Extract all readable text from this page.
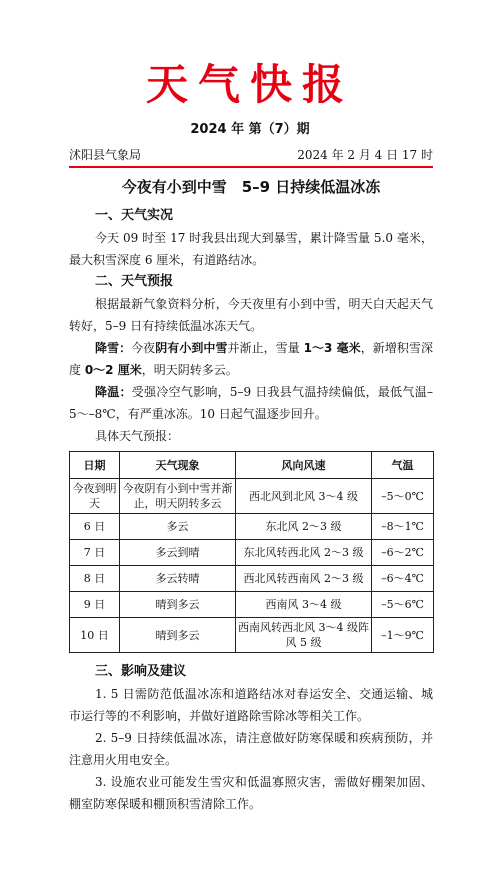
天气快报
2024 年 第（7）期
沭阳县气象局	2024 年 2 月 4 日 17 时
今夜有小到中雪　5–9 日持续低温冰冻
一、天气实况

今天 09 时至 17 时我县出现大到暴雪，累计降雪量 5.0 毫米，最大积雪深度 6 厘米，有道路结冰。

二、天气预报

根据最新气象资料分析，今天夜里有小到中雪，明天白天起天气转好，5–9 日有持续低温冰冻天气。

降雪：今夜阴有小到中雪并渐止，雪量 1～3 毫米，新增积雪深度 0～2 厘米，明天阴转多云。

降温：受强冷空气影响，5–9 日我县气温持续偏低，最低气温–5～–8℃，有严重冰冻。10 日起气温逐步回升。

具体天气预报：
日期	天气现象	风向风速	气温
今夜到明天	今夜阴有小到中雪并渐止，明天阴转多云	西北风到北风 3～4 级	–5～0℃
6 日	多云	东北风 2～3 级	–8～1℃
7 日	多云到晴	东北风转西北风 2～3 级	–6～2℃
8 日	多云转晴	西北风转西南风 2～3 级	–6～4℃
9 日	晴到多云	西南风 3～4 级	–5～6℃
10 日	晴到多云	西南风转西北风 3～4 级阵风 5 级	–1～9℃
三、影响及建议

1. 5 日需防范低温冰冻和道路结冰对春运安全、交通运输、城市运行等的不利影响，并做好道路除雪除冰等相关工作。

2. 5–9 日持续低温冰冻，请注意做好防寒保暖和疾病预防，并注意用火用电安全。

3. 设施农业可能发生雪灾和低温寡照灾害，需做好棚架加固、棚室防寒保暖和棚顶积雪清除工作。
